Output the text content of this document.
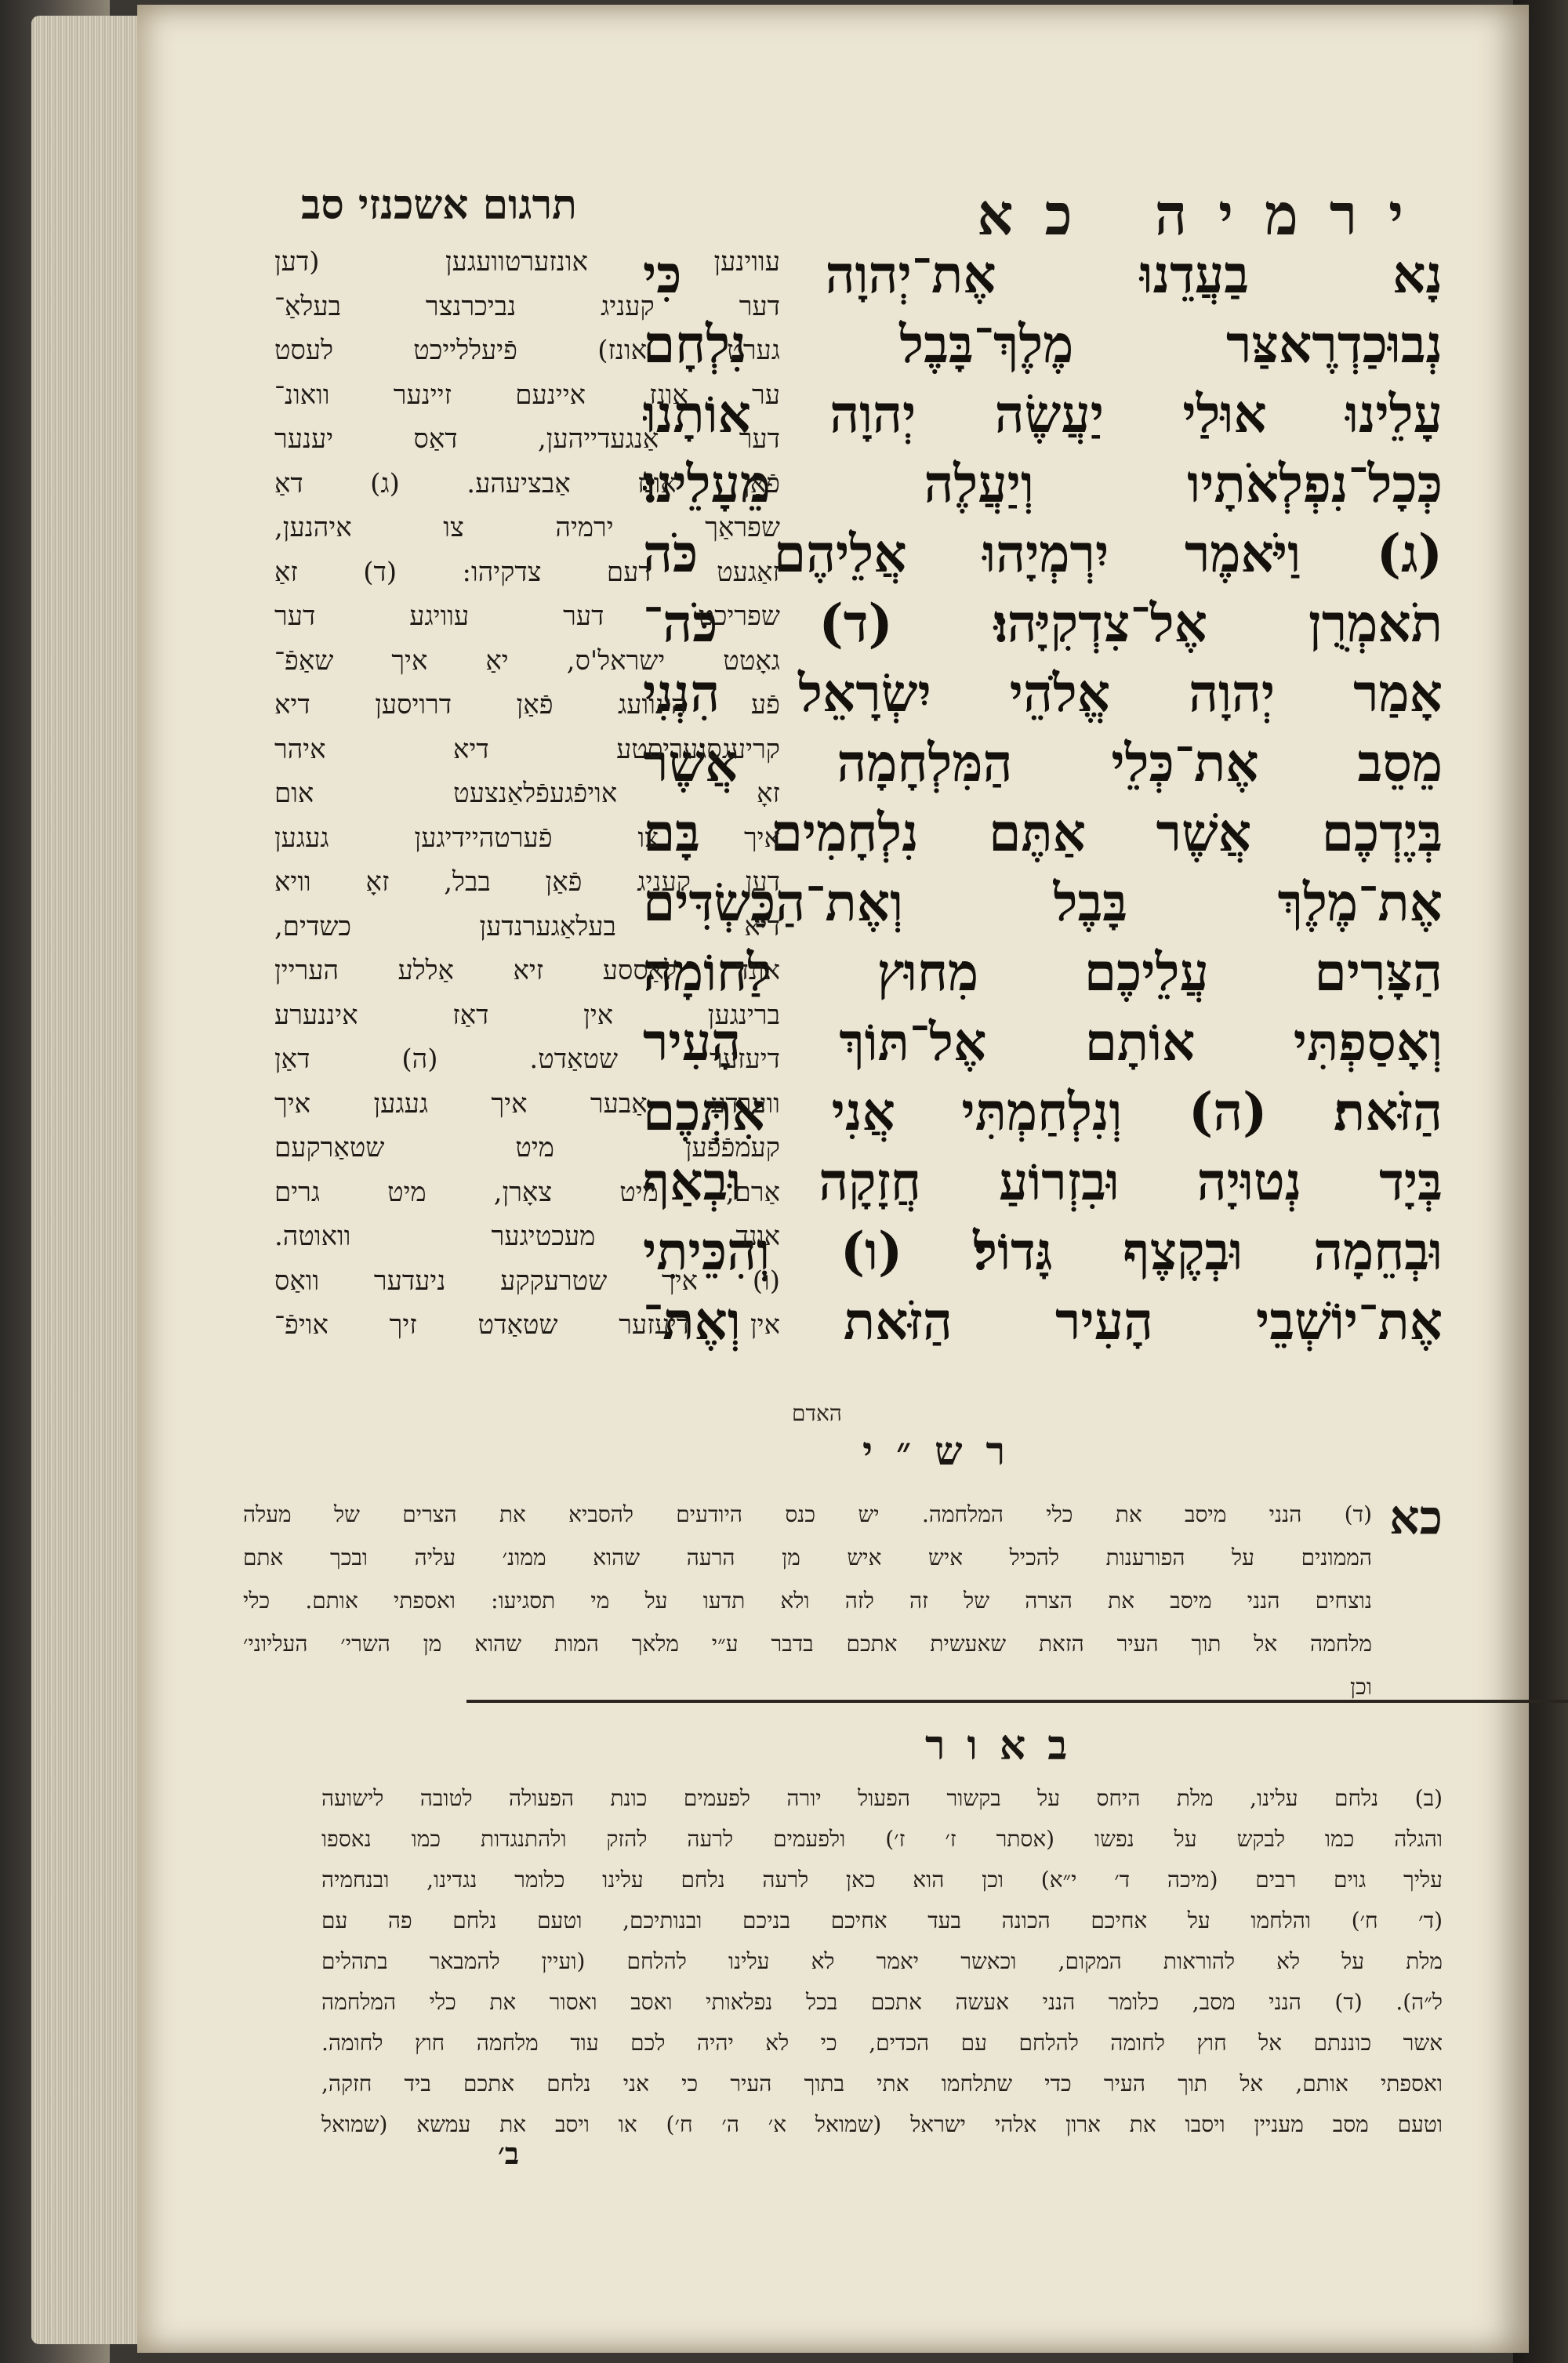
ירמיה כא
תרגום אשכנזי סב
נָא בַעֲדֵנוּ אֶת־יְהוָה כִּי
נְבוּכַדְרֶאצַּר מֶלֶךְ־בָּבֶל נִלְחָם
עָלֵינוּ אוּלַי יַעֲשֶׂה יְהוָה אוֹתָנוּ
כְּכָל־נִפְלְאֹתָיו וְיַעֲלֶה מֵעָלֵינוּ׃
(ג) וַיֹּאמֶר יִרְמְיָהוּ אֲלֵיהֶם כֹּה
תֹאמְרֻן אֶל־צִדְקִיָּהוּ׃ (ד) כֹּה־
אָמַר יְהוָה אֱלֹהֵי יִשְׂרָאֵל הִנְנִי
מֵסֵב אֶת־כְּלֵי הַמִּלְחָמָה אֲשֶׁר
בְּיֶדְכֶם אֲשֶׁר אַתֶּם נִלְחָמִים בָּם
אֶת־מֶלֶךְ בָּבֶל וְאֶת־הַכַּשְׂדִּים
הַצָּרִים עֲלֵיכֶם מִחוּץ לַחוֹמָה
וְאָסַפְתִּי אוֹתָם אֶל־תּוֹךְ הָעִיר
הַזֹּאת׃ (ה) וְנִלְחַמְתִּי אֲנִי אִתְּכֶם
בְּיָד נְטוּיָה וּבִזְרוֹעַ חֲזָקָה וּבְאַף
וּבְחֵמָה וּבְקֶצֶף גָּדוֹל׃ (ו) וְהִכֵּיתִי
אֶת־יוֹשְׁבֵי הָעִיר הַזֹּאת וְאֶת־
עווינען אונזערטוועגען (דען
דער קעניג נביכרנצר בעלאַ־
גערט אונז) פֿיעללייכט לעסט
ער אונז איינעם זיינער וואונ־
דער אַנגעדייהען, דאַס יענער
פֿאַן אונז אַבציעהע. (ג) דאַ
שפראַך ירמיה צו איהנען,
זאַגעט דעם צדקיהו: (ד) זאַ
שפריכט דער עוויגע דער
גאָטט ישראל'ס, יאַ איך שאַפֿ־
פֿע הינוועג פֿאַן דרויסען דיא
קריעגסגעריסטע דיא איהר
זאָ אויפֿגעפֿלאַנצעט אום
איך צו פֿערטהיידיגען געגען
דען קעניג פֿאַן בבל, זאָ וויא
דיא בעלאַגערנדען כשדים,
אונד לאַססע זיא אַללע העריין
ברינגען אין דאַז איננערע
דיעזער שטאַדט. (ה) דאַן
ווערדע אַבער איך געגען איך
קעמפֿפֿען מיט שטאַרקעם
אַרם, מיט צאָרן, מיט גרים
אונד מעכטיגער וואוטה.
(ו) איך שטרעקקע ניעדער וואַס
אין דיעזער שטאַדט זיך אויפֿ־
האדם
רש״י
כא
(ד) הנני מיסב את כלי המלחמה. יש כנס היודעים להסביא את הצרים של מעלה
הממונים על הפורענות להכיל איש איש מן הרעה שהוא ממונ׳ עליה ובכך אתם
נוצחים הנני מיסב את הצרה של זה לזה ולא תדעו על מי תסגיעו: ואספתי אותם. כלי
מלחמה אל תוך העיר הזאת שאעשית אתכם בדבר ע״י מלאך המות שהוא מן השרי׳ העליוני׳
וכן
באור
(ב) נלחם עלינו, מלת היחס על בקשור הפעול יורה לפעמים כונת הפעולה לטובה לישועה
והגלה כמו לבקש על נפשו (אסתר ז׳ ז׳) ולפעמים לרעה להזק ולהתנגדות כמו נאספו
עליך גוים רבים (מיכה ד׳ י״א) וכן הוא כאן לרעה נלחם עלינו כלומר נגדינו, ובנחמיה
(ד׳ ח׳) והלחמו על אחיכם הכונה בעד אחיכם בניכם ובנותיכם, וטעם נלחם פה עם
מלת על לא להוראות המקום, וכאשר יאמר לא עלינו להלחם (ועיין להמבאר בתהלים
ל״ה). (ד) הנני מסב, כלומר הנני אעשה אתכם בכל נפלאותי ואסב ואסור את כלי המלחמה
אשר כוננתם אל חוץ לחומה להלחם עם הכדים, כי לא יהיה לכם עוד מלחמה חוץ לחומה.
ואספתי אותם, אל תוך העיר כדי שתלחמו אתי בתוך העיר כי אני נלחם אתכם ביד חזקה,
וטעם מסב מעניין ויסבו את ארון אלהי ישראל (שמואל א׳ ה׳ ח׳) או ויסב את עמשא (שמואל
ב׳
